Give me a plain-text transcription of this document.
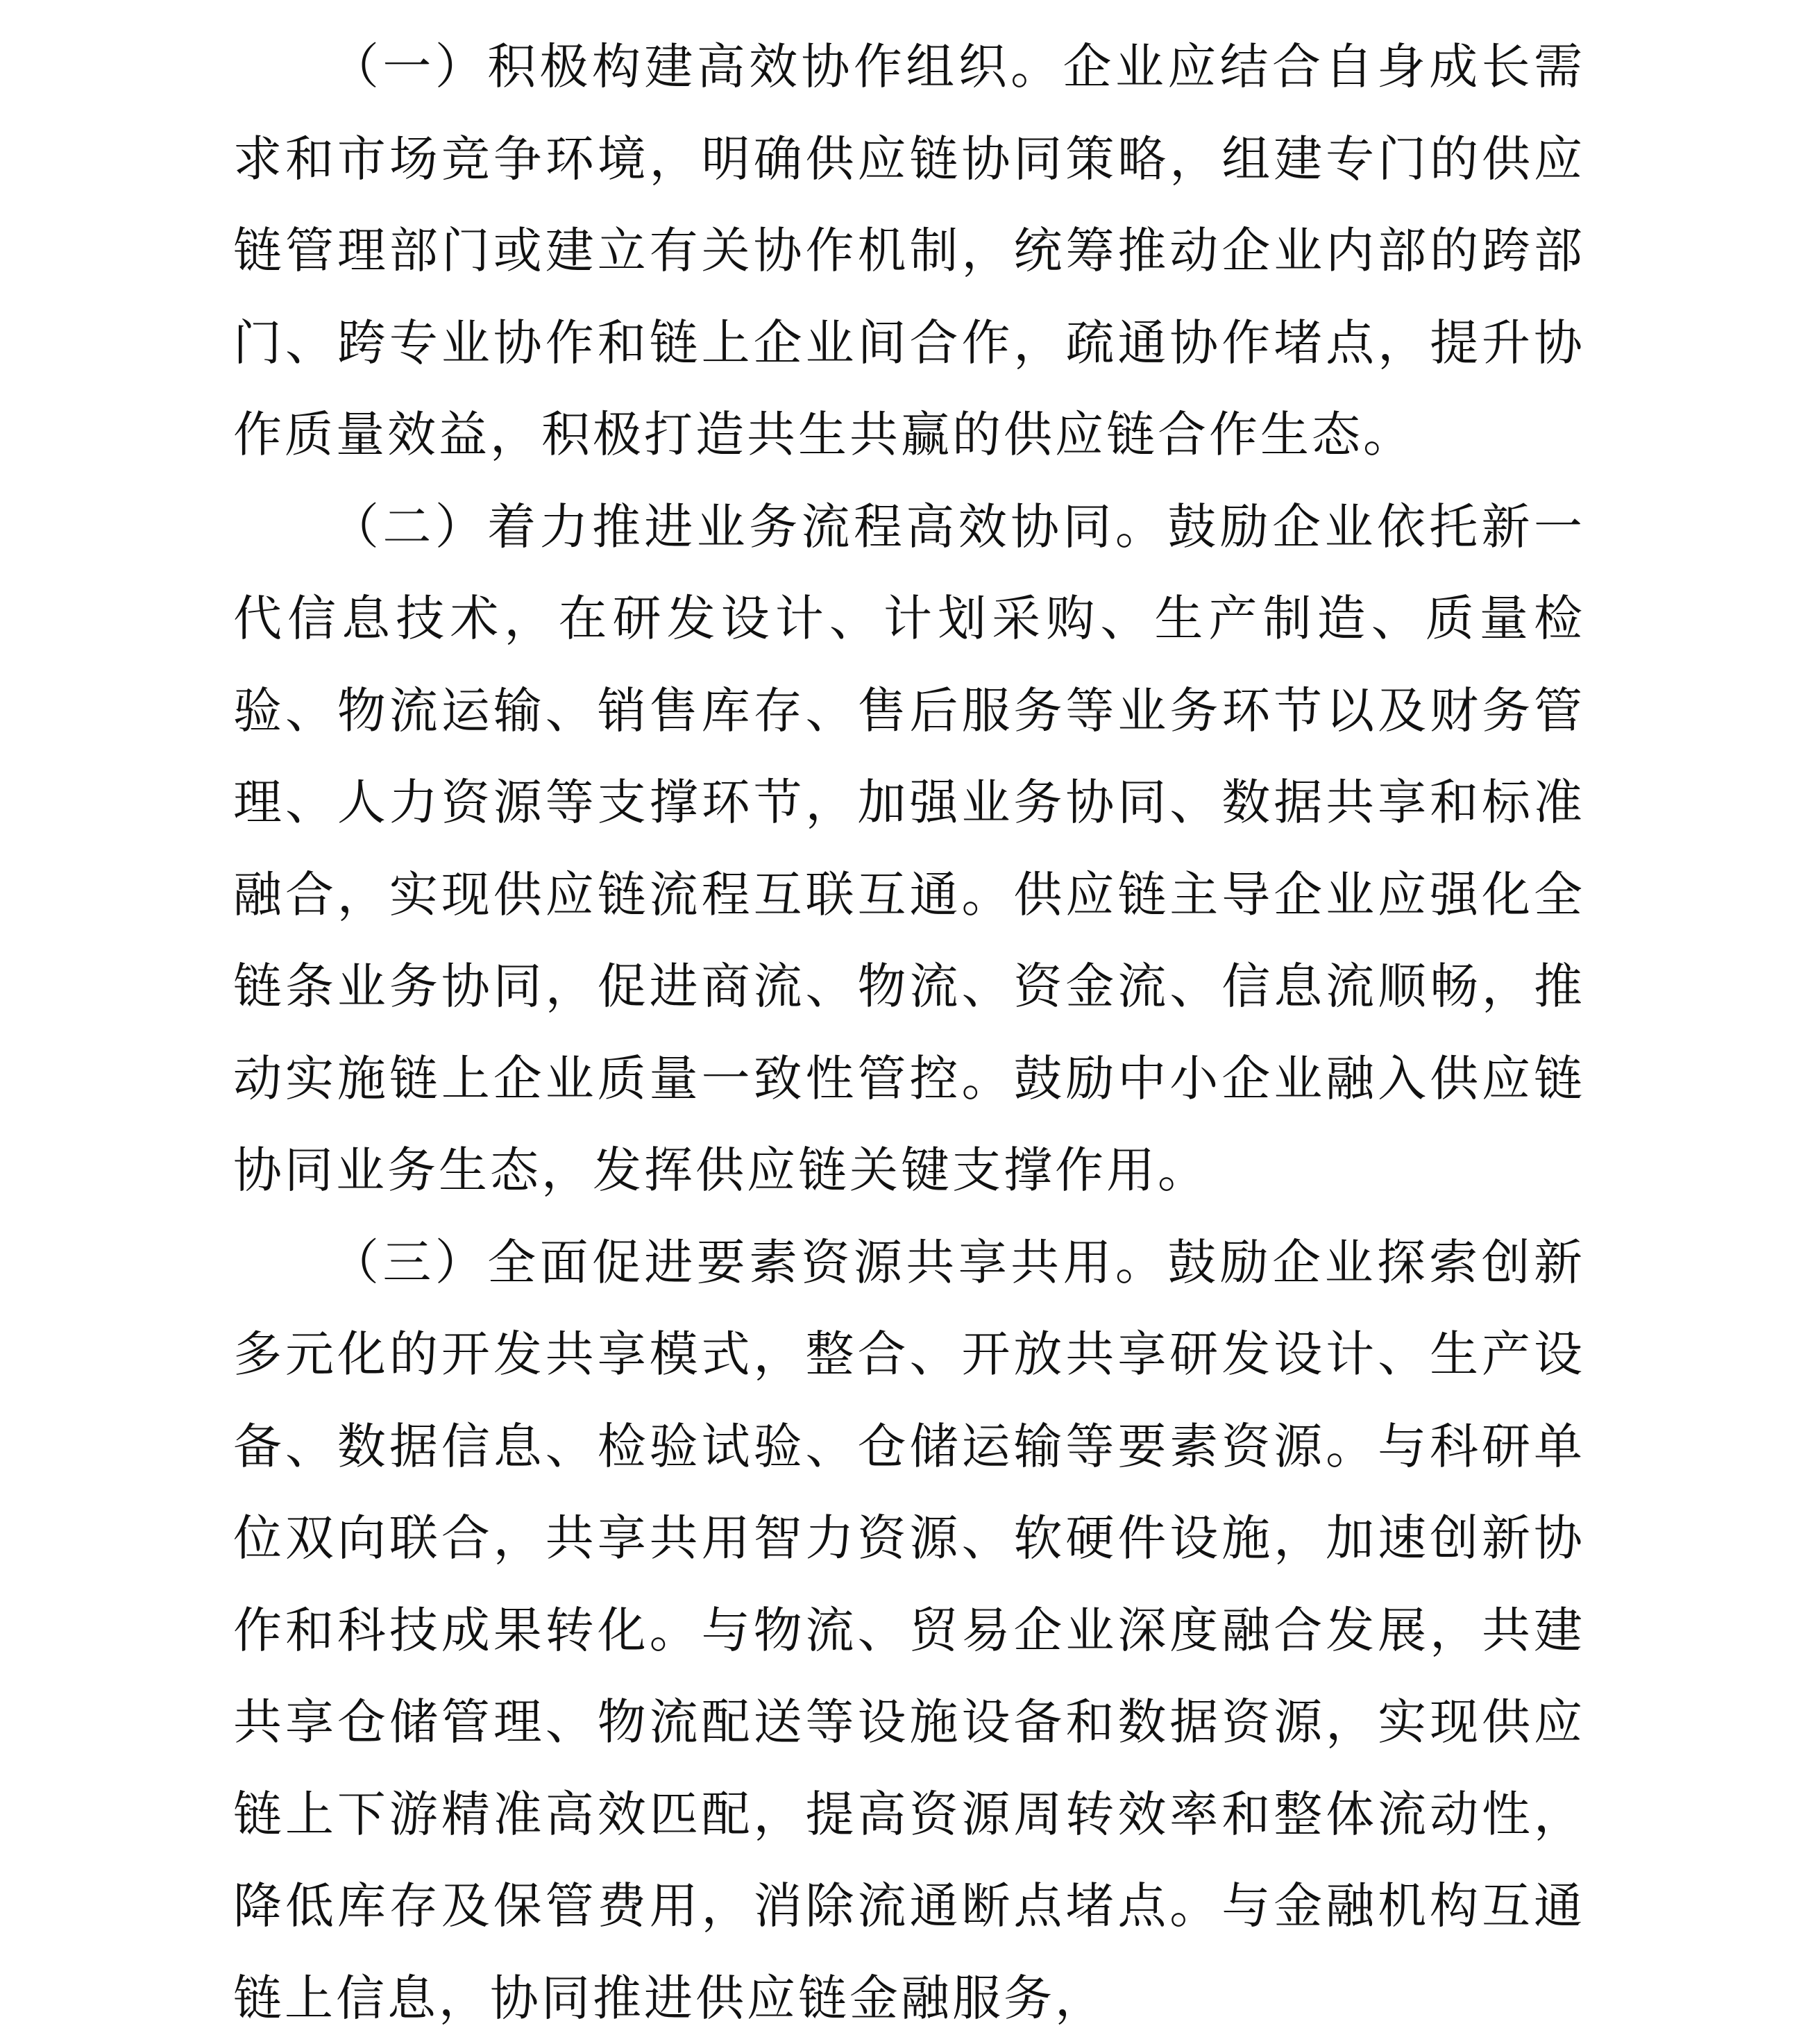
（一）积极构建高效协作组织。企业应结合自身成长需求和市场竞争环境，明确供应链协同策略，组建专门的供应链管理部门或建立有关协作机制，统筹推动企业内部的跨部门、跨专业协作和链上企业间合作，疏通协作堵点，提升协作质量效益，积极打造共生共赢的供应链合作生态。

（二）着力推进业务流程高效协同。鼓励企业依托新一代信息技术，在研发设计、计划采购、生产制造、质量检验、物流运输、销售库存、售后服务等业务环节以及财务管理、人力资源等支撑环节，加强业务协同、数据共享和标准融合，实现供应链流程互联互通。供应链主导企业应强化全链条业务协同，促进商流、物流、资金流、信息流顺畅，推动实施链上企业质量一致性管控。鼓励中小企业融入供应链协同业务生态，发挥供应链关键支撑作用。

（三）全面促进要素资源共享共用。鼓励企业探索创新多元化的开发共享模式，整合、开放共享研发设计、生产设备、数据信息、检验试验、仓储运输等要素资源。与科研单位双向联合，共享共用智力资源、软硬件设施，加速创新协作和科技成果转化。与物流、贸易企业深度融合发展，共建共享仓储管理、物流配送等设施设备和数据资源，实现供应链上下游精准高效匹配，提高资源周转效率和整体流动性，降低库存及保管费用，消除流通断点堵点。与金融机构互通链上信息，协同推进供应链金融服务，
